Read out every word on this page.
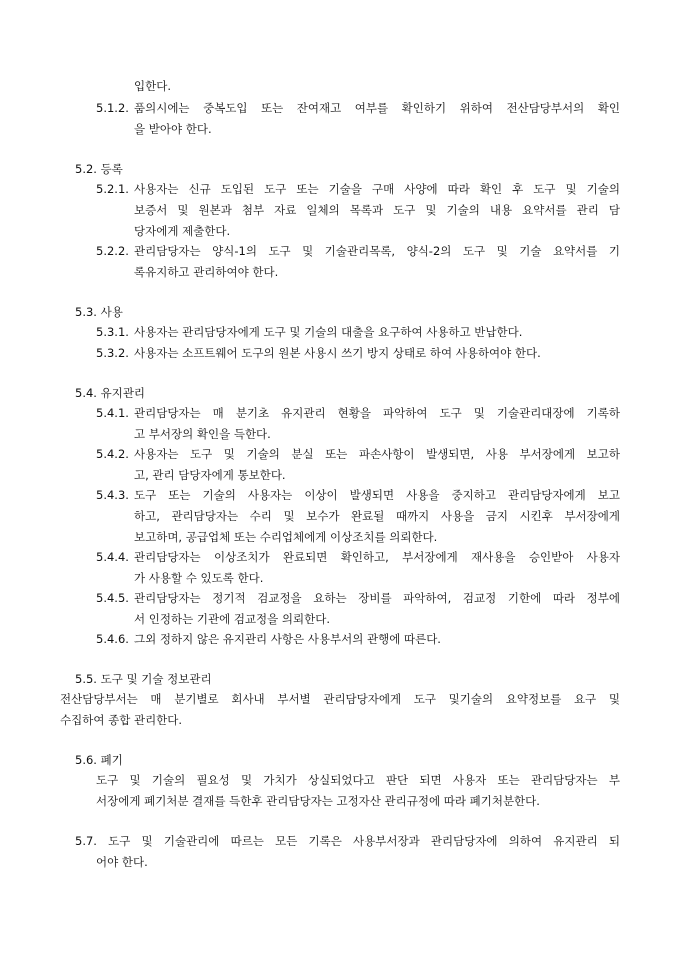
입한다.
5.1.2. 품의시에는 중복도입 또는 잔여재고 여부를 확인하기 위하여 전산담당부서의 확인
을 받아야 한다.
5.2. 등록
5.2.1. 사용자는 신규 도입된 도구 또는 기술을 구매 사양에 따라 확인 후 도구 및 기술의
보증서 및 원본과 첨부 자료 일체의 목록과 도구 및 기술의 내용 요약서를 관리 담
당자에게 제출한다.
5.2.2. 관리담당자는 양식-1의 도구 및 기술관리목록, 양식-2의 도구 및 기술 요약서를 기
록유지하고 관리하여야 한다.
5.3. 사용
5.3.1. 사용자는 관리담당자에게 도구 및 기술의 대출을 요구하여 사용하고 반납한다.
5.3.2. 사용자는 소프트웨어 도구의 원본 사용시 쓰기 방지 상태로 하여 사용하여야 한다.
5.4. 유지관리
5.4.1. 관리담당자는 매 분기초 유지관리 현황을 파악하여 도구 및 기술관리대장에 기록하
고 부서장의 확인을 득한다.
5.4.2. 사용자는 도구 및 기술의 분실 또는 파손사항이 발생되면, 사용 부서장에게 보고하
고, 관리 담당자에게 통보한다.
5.4.3. 도구 또는 기술의 사용자는 이상이 발생되면 사용을 중지하고 관리담당자에게 보고
하고, 관리담당자는 수리 및 보수가 완료될 때까지 사용을 금지 시킨후 부서장에게
보고하며, 공급업체 또는 수리업체에게 이상조치를 의뢰한다.
5.4.4. 관리담당자는 이상조치가 완료되면 확인하고, 부서장에게 재사용을 승인받아 사용자
가 사용할 수 있도록 한다.
5.4.5. 관리담당자는 정기적 검교정을 요하는 장비를 파악하여, 검교정 기한에 따라 정부에
서 인정하는 기관에 검교정을 의뢰한다.
5.4.6. 그외 정하지 않은 유지관리 사항은 사용부서의 관행에 따른다.
5.5. 도구 및 기술 정보관리
전산담당부서는 매 분기별로 회사내 부서별 관리담당자에게 도구 및기술의 요약정보를 요구 및
수집하여 종합 관리한다.
5.6. 폐기
도구 및 기술의 필요성 및 가치가 상실되었다고 판단 되면 사용자 또는 관리담당자는 부
서장에게 폐기처분 결재를 득한후 관리담당자는 고정자산 관리규정에 따라 폐기처분한다.
5.7. 도구 및 기술관리에 따르는 모든 기록은 사용부서장과 관리담당자에 의하여 유지관리 되
어야 한다.
